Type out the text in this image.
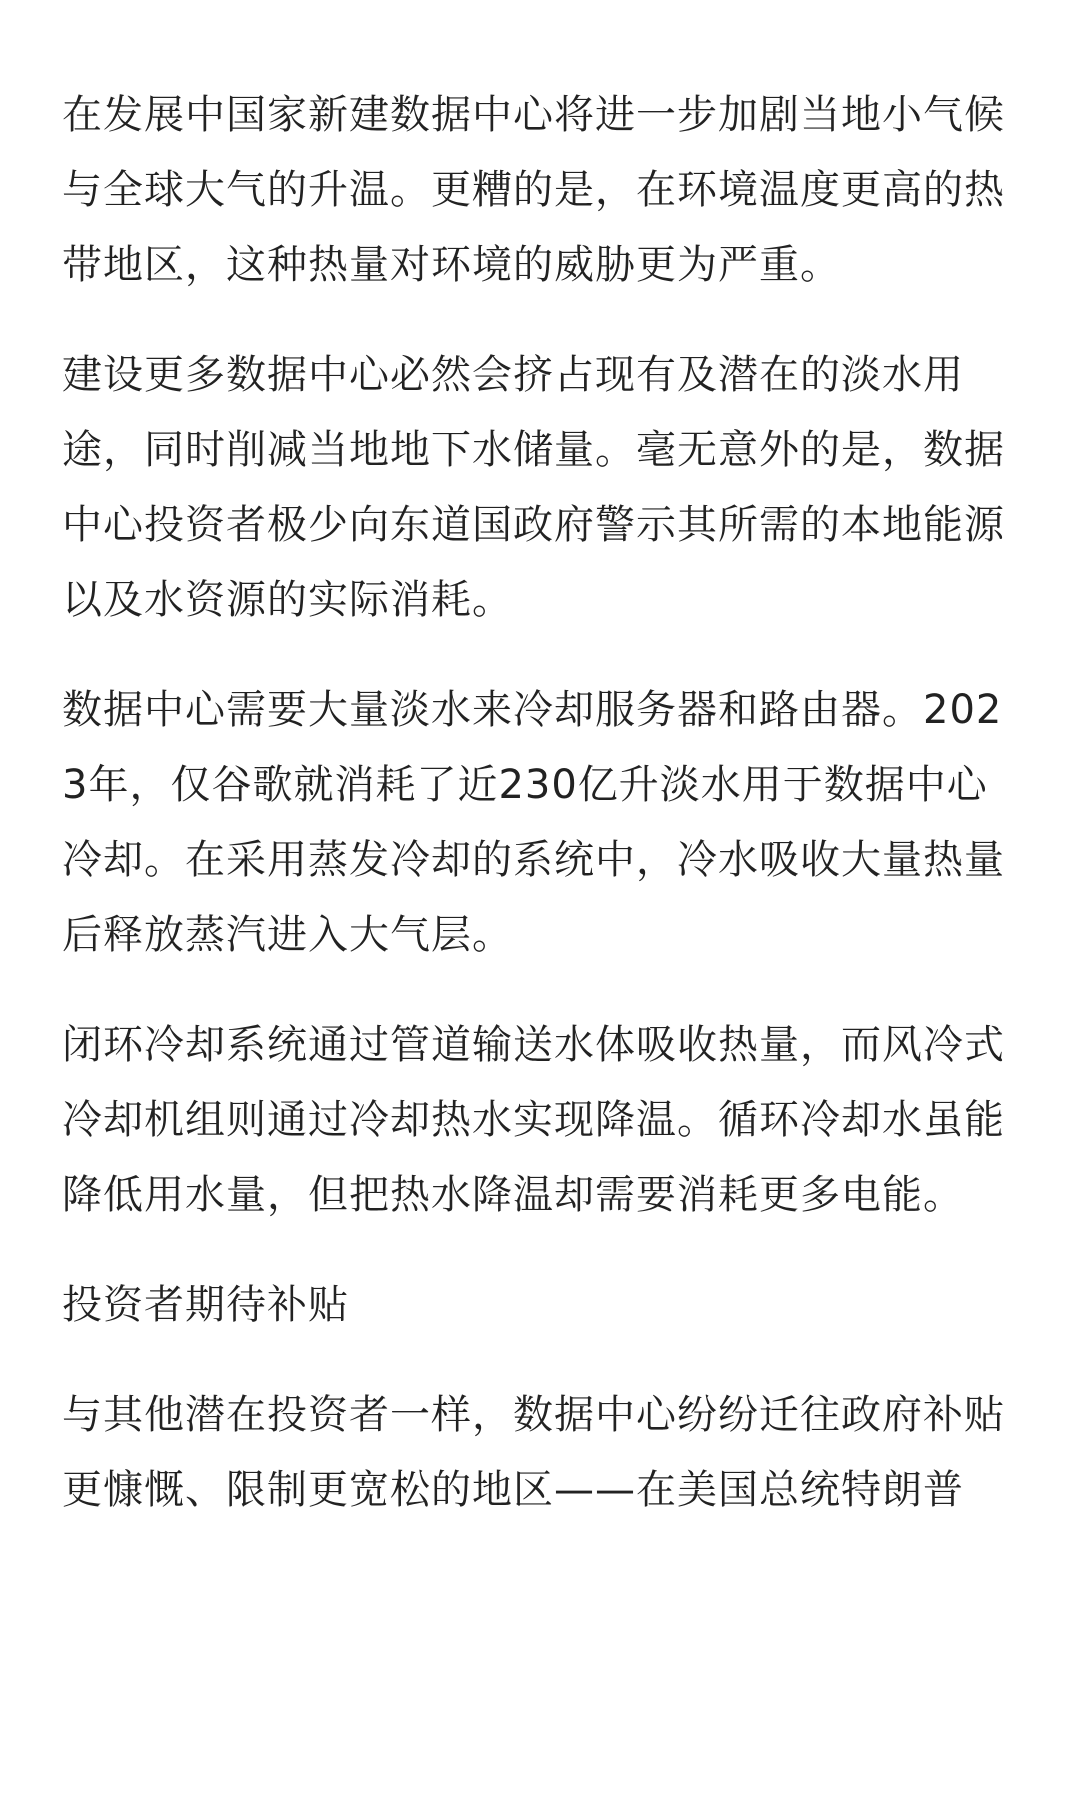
在发展中国家新建数据中心将进一步加剧当地小气候与全球大气的升温。更糟的是，在环境温度更高的热带地区，这种热量对环境的威胁更为严重。

建设更多数据中心必然会挤占现有及潜在的淡水用途，同时削减当地地下水储量。毫无意外的是，数据中心投资者极少向东道国政府警示其所需的本地能源以及水资源的实际消耗。

数据中心需要大量淡水来冷却服务器和路由器。2023年，仅谷歌就消耗了近230亿升淡水用于数据中心冷却。在采用蒸发冷却的系统中，冷水吸收大量热量后释放蒸汽进入大气层。

闭环冷却系统通过管道输送水体吸收热量，而风冷式冷却机组则通过冷却热水实现降温。循环冷却水虽能降低用水量，但把热水降温却需要消耗更多电能。

投资者期待补贴

与其他潜在投资者一样，数据中心纷纷迁往政府补贴更慷慨、限制更宽松的地区——在美国总统特朗普
